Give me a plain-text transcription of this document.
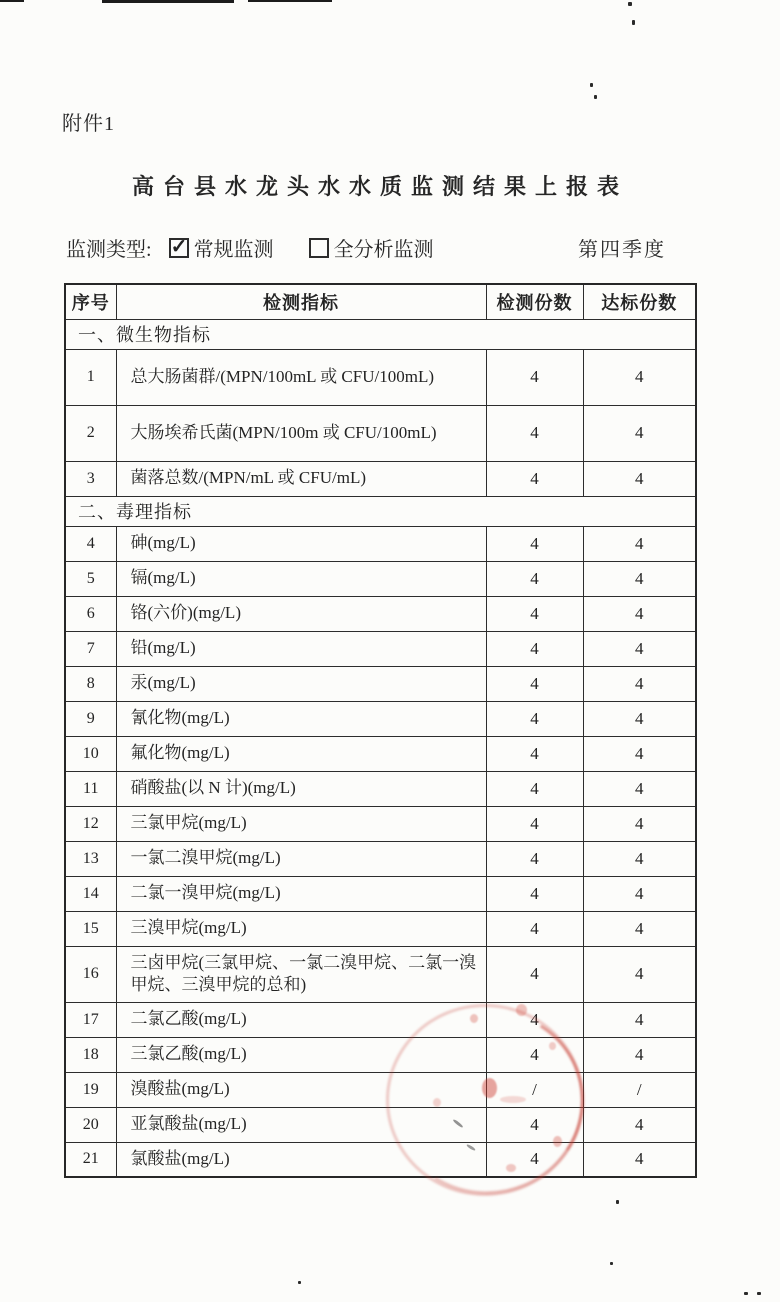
附件1
高台县水龙头水水质监测结果上报表
监测类型: ✓ 常规监测	全分析监测	第四季度
序号	检测指标	检测份数	达标份数
一、微生物指标			
1	总大肠菌群/(MPN/100mL 或 CFU/100mL)	4	4
2	大肠埃希氏菌(MPN/100m 或 CFU/100mL)	4	4
3	菌落总数/(MPN/mL 或 CFU/mL)	4	4
二、毒理指标			
4	砷(mg/L)	4	4
5	镉(mg/L)	4	4
6	铬(六价)(mg/L)	4	4
7	铅(mg/L)	4	4
8	汞(mg/L)	4	4
9	氰化物(mg/L)	4	4
10	氟化物(mg/L)	4	4
11	硝酸盐(以 N 计)(mg/L)	4	4
12	三氯甲烷(mg/L)	4	4
13	一氯二溴甲烷(mg/L)	4	4
14	二氯一溴甲烷(mg/L)	4	4
15	三溴甲烷(mg/L)	4	4
16	三卤甲烷(三氯甲烷、一氯二溴甲烷、二氯一溴甲烷、三溴甲烷的总和)	4	4
17	二氯乙酸(mg/L)	4	4
18	三氯乙酸(mg/L)	4	4
19	溴酸盐(mg/L)	/	/
20	亚氯酸盐(mg/L)	4	4
21	氯酸盐(mg/L)	4	4
